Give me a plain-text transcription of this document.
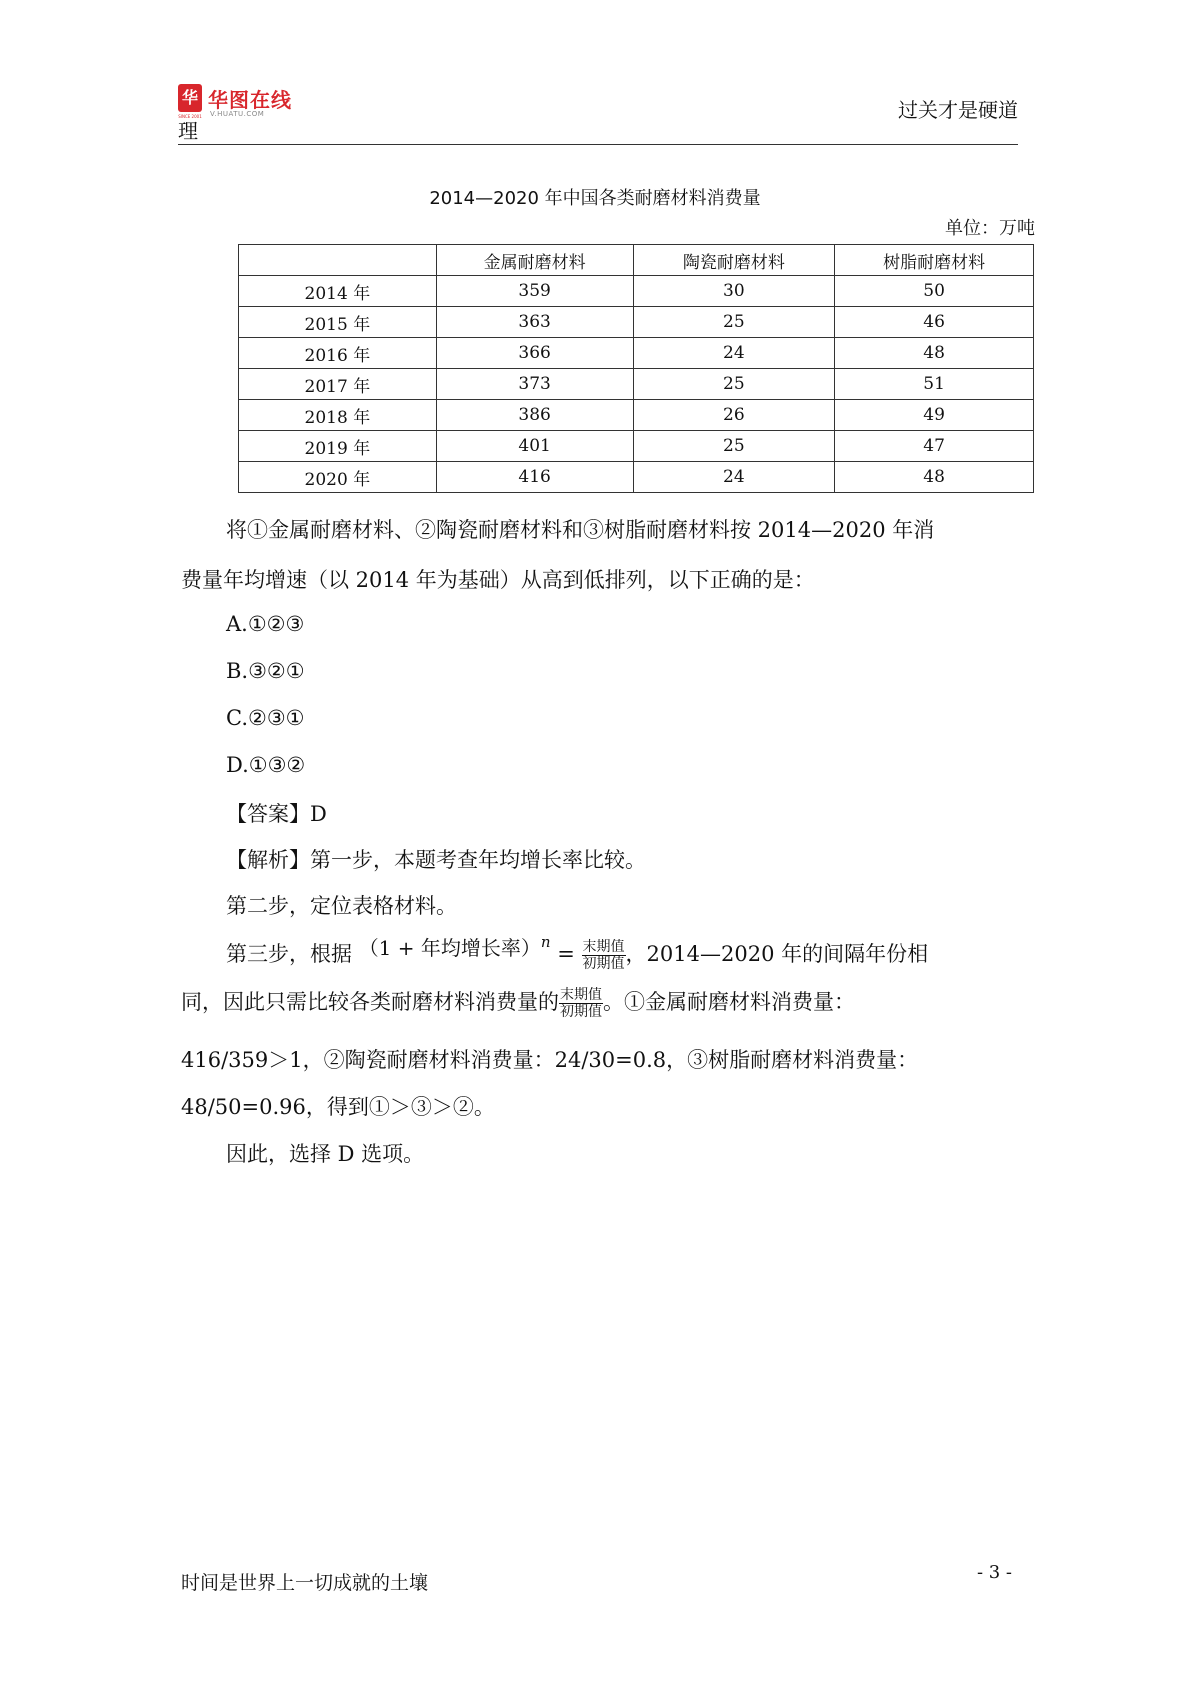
华
SINCE 2001
华图在线
V.HUATU.COM
理
过关才是硬道
2014—2020 年中国各类耐磨材料消费量
单位：万吨
	金属耐磨材料	陶瓷耐磨材料	树脂耐磨材料
2014 年	359	30	50
2015 年	363	25	46
2016 年	366	24	48
2017 年	373	25	51
2018 年	386	26	49
2019 年	401	25	47
2020 年	416	24	48
将①金属耐磨材料、②陶瓷耐磨材料和③树脂耐磨材料按 2014—2020 年消
费量年均增速（以 2014 年为基础）从高到低排列，以下正确的是：
A.①②③
B.③②①
C.②③①
D.①③②
【答案】D
【解析】第一步，本题考查年均增长率比较。
第二步，定位表格材料。
第三步，根据 （1 + 年均增长率）$^n = \frac{\text{末期值}}{\text{初期值}}$ ，2014—2020 年的间隔年份相
同，因此只需比较各类耐磨材料消费量的 $\frac{\text{末期值}}{\text{初期值}}$ 。①金属耐磨材料消费量：
416/359＞1，②陶瓷耐磨材料消费量：24/30=0.8，③树脂耐磨材料消费量：
48/50=0.96，得到①＞③＞②。
因此，选择 D 选项。
时间是世界上一切成就的土壤	- 3 -
